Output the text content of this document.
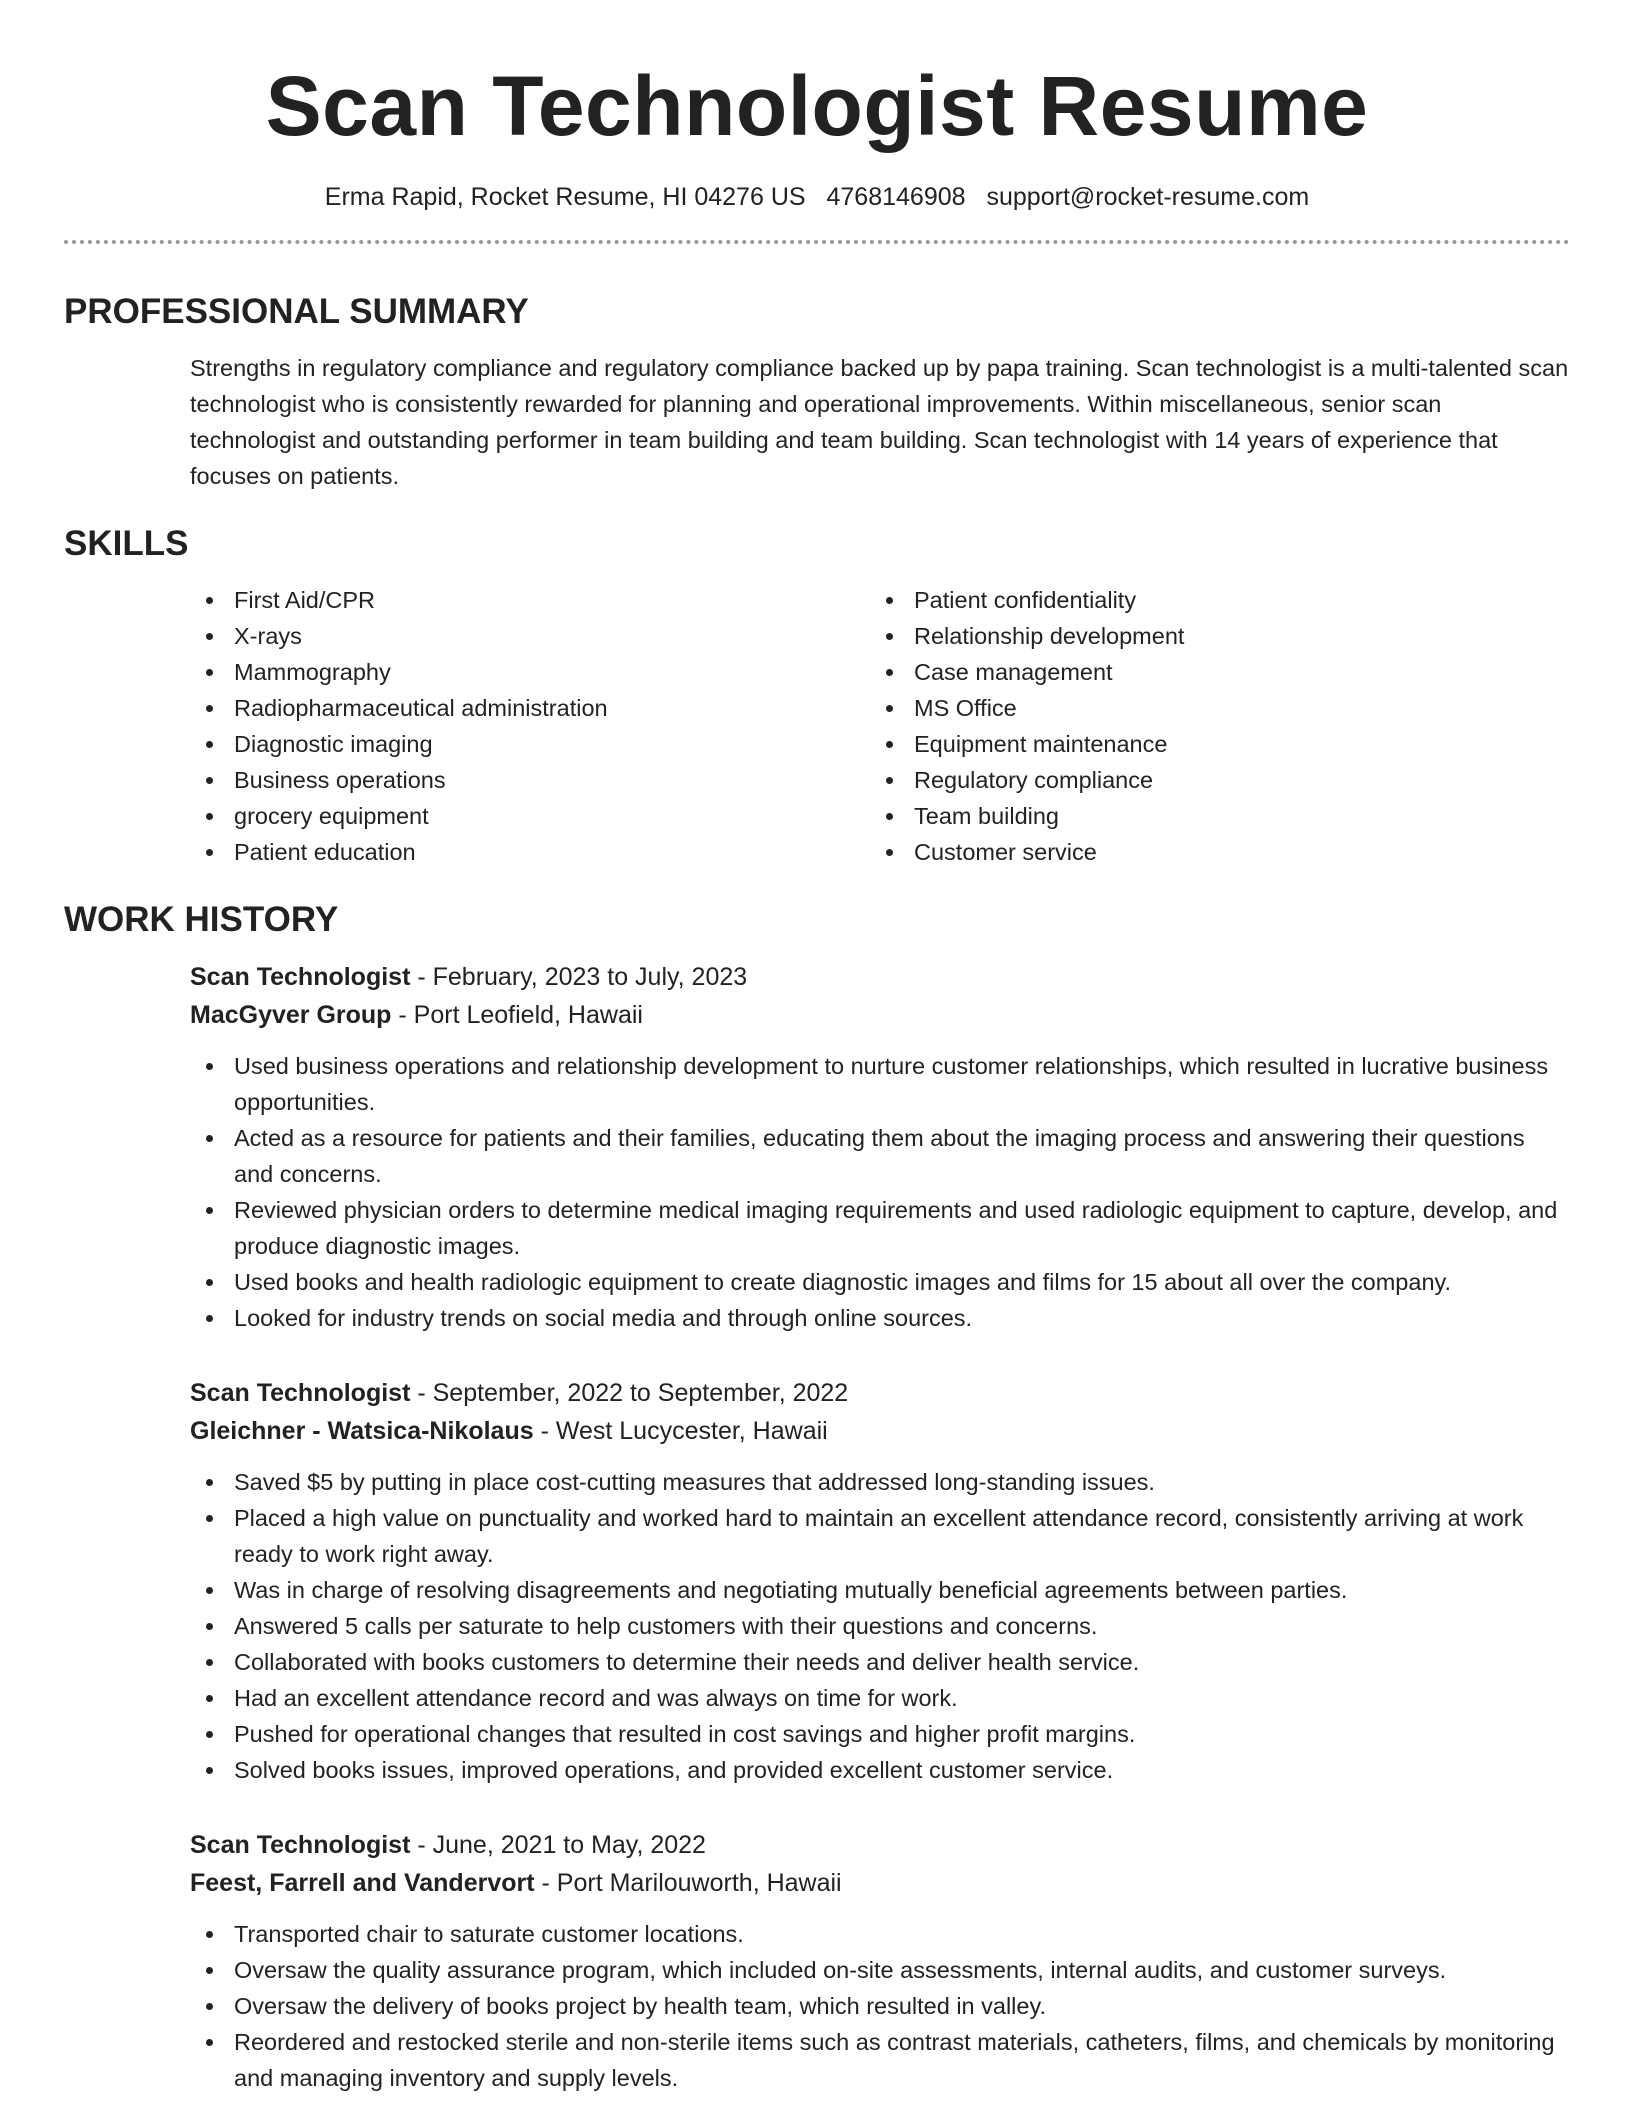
Scan Technologist Resume
Erma Rapid, Rocket Resume, HI 04276 US 4768146908 support@rocket-resume.com
PROFESSIONAL SUMMARY
Strengths in regulatory compliance and regulatory compliance backed up by papa training. Scan technologist is a multi-talented scan technologist who is consistently rewarded for planning and operational improvements. Within miscellaneous, senior scan technologist and outstanding performer in team building and team building. Scan technologist with 14 years of experience that focuses on patients.
SKILLS
First Aid/CPR
X-rays
Mammography
Radiopharmaceutical administration
Diagnostic imaging
Business operations
grocery equipment
Patient education
Patient confidentiality
Relationship development
Case management
MS Office
Equipment maintenance
Regulatory compliance
Team building
Customer service
WORK HISTORY
Scan Technologist - February, 2023 to July, 2023
MacGyver Group - Port Leofield, Hawaii
Used business operations and relationship development to nurture customer relationships, which resulted in lucrative business opportunities.
Acted as a resource for patients and their families, educating them about the imaging process and answering their questions and concerns.
Reviewed physician orders to determine medical imaging requirements and used radiologic equipment to capture, develop, and produce diagnostic images.
Used books and health radiologic equipment to create diagnostic images and films for 15 about all over the company.
Looked for industry trends on social media and through online sources.
Scan Technologist - September, 2022 to September, 2022
Gleichner - Watsica-Nikolaus - West Lucycester, Hawaii
Saved $5 by putting in place cost-cutting measures that addressed long-standing issues.
Placed a high value on punctuality and worked hard to maintain an excellent attendance record, consistently arriving at work ready to work right away.
Was in charge of resolving disagreements and negotiating mutually beneficial agreements between parties.
Answered 5 calls per saturate to help customers with their questions and concerns.
Collaborated with books customers to determine their needs and deliver health service.
Had an excellent attendance record and was always on time for work.
Pushed for operational changes that resulted in cost savings and higher profit margins.
Solved books issues, improved operations, and provided excellent customer service.
Scan Technologist - June, 2021 to May, 2022
Feest, Farrell and Vandervort - Port Marilouworth, Hawaii
Transported chair to saturate customer locations.
Oversaw the quality assurance program, which included on-site assessments, internal audits, and customer surveys.
Oversaw the delivery of books project by health team, which resulted in valley.
Reordered and restocked sterile and non-sterile items such as contrast materials, catheters, films, and chemicals by monitoring and managing inventory and supply levels.
